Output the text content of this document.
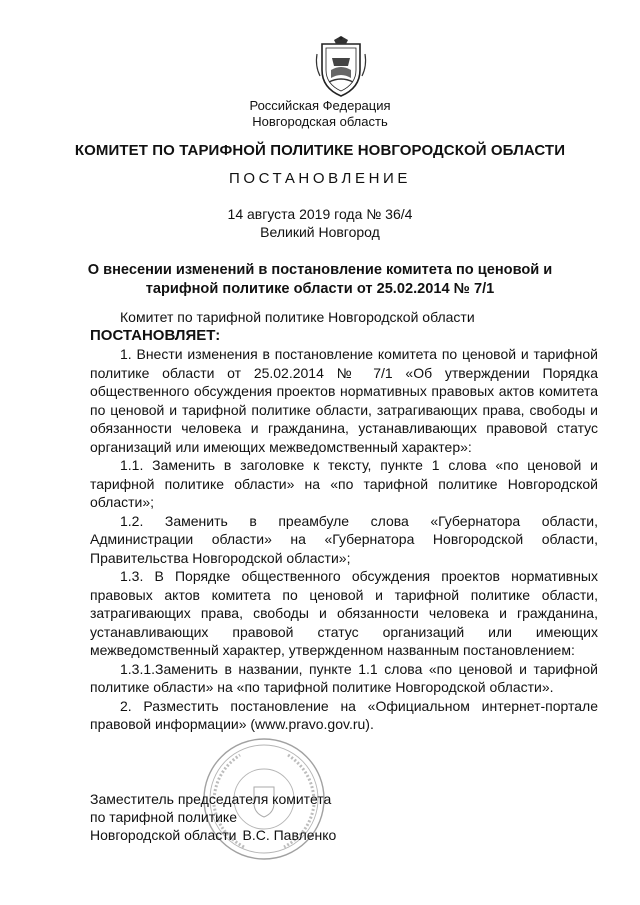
Российская Федерация
Новгородская область
КОМИТЕТ ПО ТАРИФНОЙ ПОЛИТИКЕ НОВГОРОДСКОЙ ОБЛАСТИ
ПОСТАНОВЛЕНИЕ
14 августа 2019 года № 36/4
Великий Новгород
О внесении изменений в постановление комитета по ценовой и
тарифной политике области от 25.02.2014 № 7/1

Комитет по тарифной политике Новгородской области

ПОСТАНОВЛЯЕТ:

1. Внести изменения в постановление комитета по ценовой и тарифной политике области от 25.02.2014 № 7/1 «Об утверждении Порядка общественного обсуждения проектов нормативных правовых актов комитета по ценовой и тарифной политике области, затрагивающих права, свободы и обязанности человека и гражданина, устанавливающих правовой статус организаций или имеющих межведомственный характер»:

1.1. Заменить в заголовке к тексту, пункте 1 слова «по ценовой и тарифной политике области» на «по тарифной политике Новгородской области»;

1.2. Заменить в преамбуле слова «Губернатора области, Администрации области» на «Губернатора Новгородской области, Правительства Новгородской области»;

1.3. В Порядке общественного обсуждения проектов нормативных правовых актов комитета по ценовой и тарифной политике области, затрагивающих права, свободы и обязанности человека и гражданина, устанавливающих правовой статус организаций или имеющих межведомственный характер, утвержденном названным постановлением:

1.3.1.Заменить в названии, пункте 1.1 слова «по ценовой и тарифной политике области» на «по тарифной политике Новгородской области».

2. Разместить постановление на «Официальном интернет-портале правовой информации» (www.pravo.gov.ru).

Заместитель председателя комитета
по тарифной политике
Новгородской области В.С. Павленко
